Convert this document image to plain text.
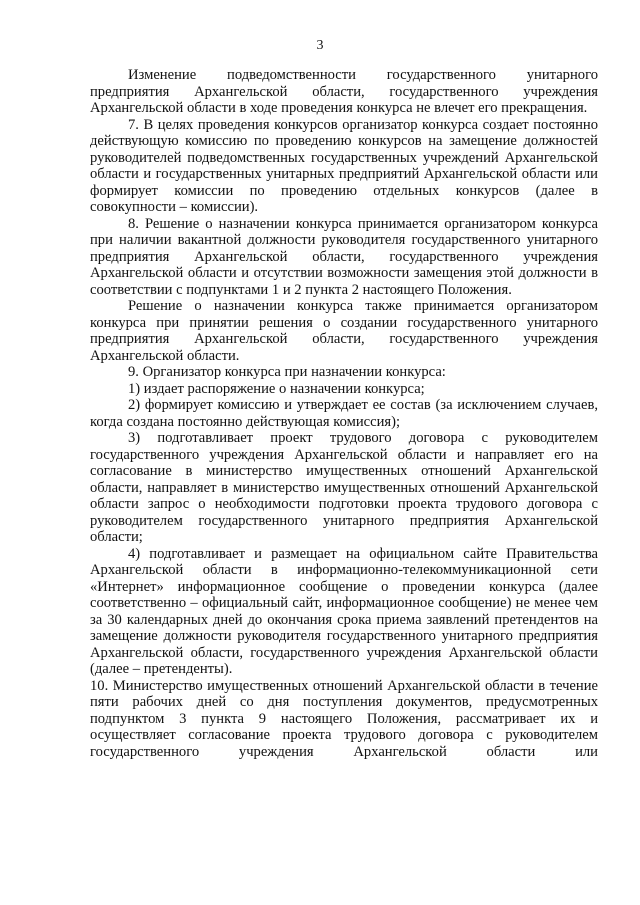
3

Изменение подведомственности государственного унитарного предприятия Архангельской области, государственного учреждения Архангельской области в ходе проведения конкурса не влечет его прекращения.

7. В целях проведения конкурсов организатор конкурса создает постоянно действующую комиссию по проведению конкурсов на замещение должностей руководителей подведомственных государственных учреждений Архангельской области и государственных унитарных предприятий Архангельской области или формирует комиссии по проведению отдельных конкурсов (далее в совокупности – комиссии).

8. Решение о назначении конкурса принимается организатором конкурса при наличии вакантной должности руководителя государственного унитарного предприятия Архангельской области, государственного учреждения Архангельской области и отсутствии возможности замещения этой должности в соответствии с подпунктами 1 и 2 пункта 2 настоящего Положения.

Решение о назначении конкурса также принимается организатором конкурса при принятии решения о создании государственного унитарного предприятия Архангельской области, государственного учреждения Архангельской области.

9. Организатор конкурса при назначении конкурса:

1) издает распоряжение о назначении конкурса;

2) формирует комиссию и утверждает ее состав (за исключением случаев, когда создана постоянно действующая комиссия);

3) подготавливает проект трудового договора с руководителем государственного учреждения Архангельской области и направляет его на согласование в министерство имущественных отношений Архангельской области, направляет в министерство имущественных отношений Архангельской области запрос о необходимости подготовки проекта трудового договора с руководителем государственного унитарного предприятия Архангельской области;

4) подготавливает и размещает на официальном сайте Правительства Архангельской области в информационно-телекоммуникационной сети «Интернет» информационное сообщение о проведении конкурса (далее соответственно – официальный сайт, информационное сообщение) не менее чем за 30 календарных дней до окончания срока приема заявлений претендентов на замещение должности руководителя государственного унитарного предприятия Архангельской области, государственного учреждения Архангельской области (далее – претенденты).

10. Министерство имущественных отношений Архангельской области в течение пяти рабочих дней со дня поступления документов, предусмотренных подпунктом 3 пункта 9 настоящего Положения, рассматривает их и осуществляет согласование проекта трудового договора с руководителем государственного учреждения Архангельской области или
